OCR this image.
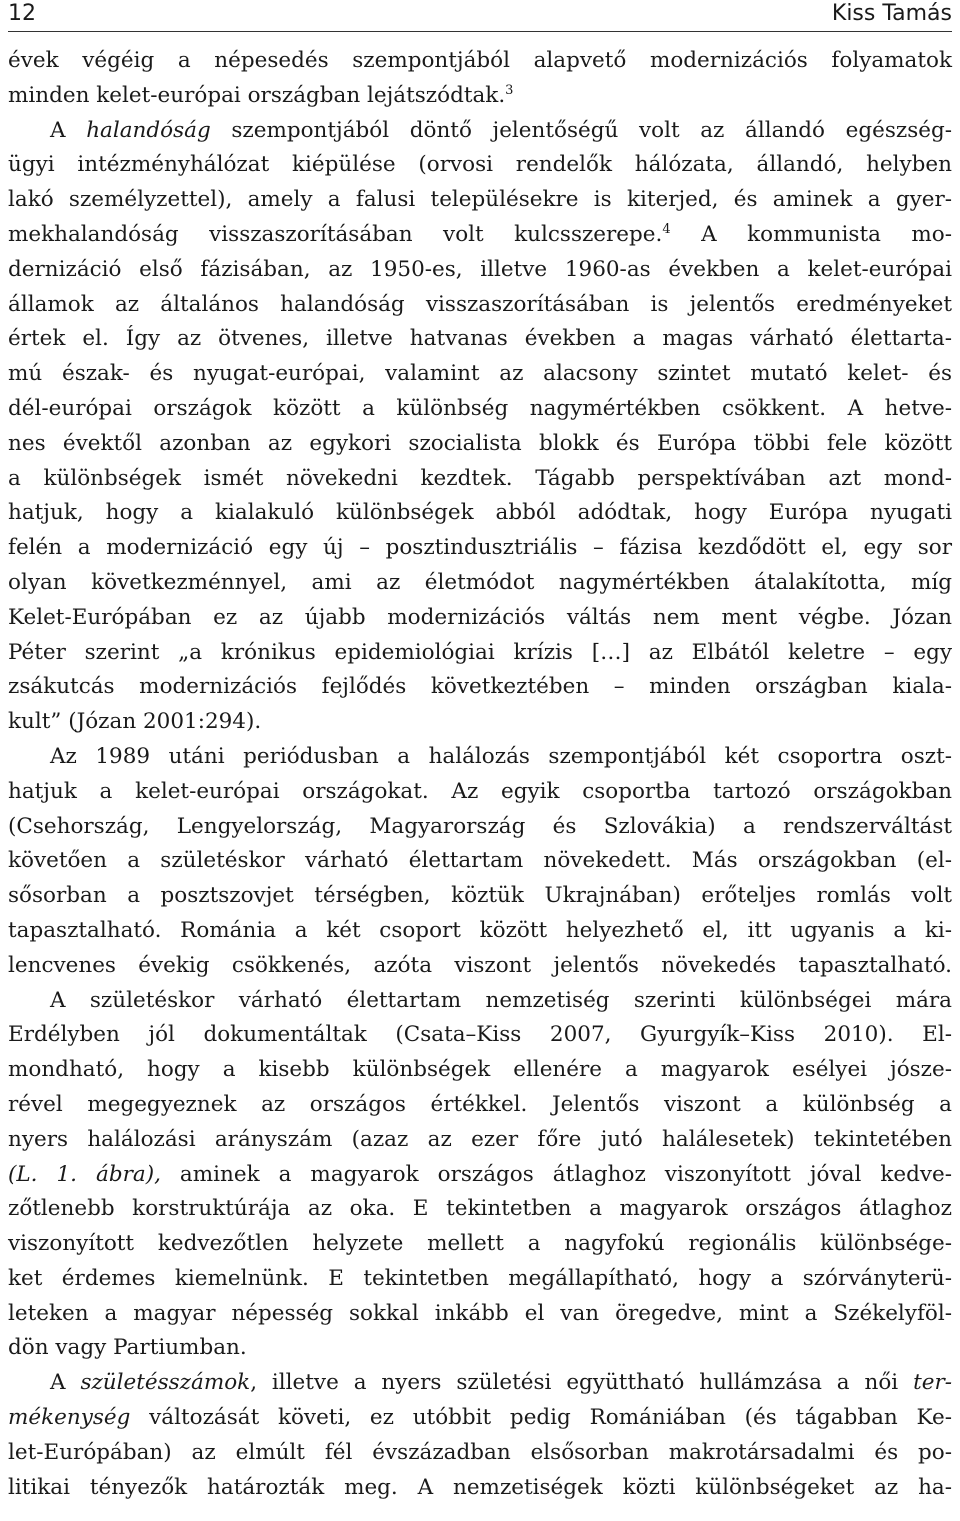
12	Kiss Tamás
évek végéig a népesedés szempontjából alapvető modernizációs folyamatok
minden kelet-európai országban lejátszódtak.$^3$
A halandóság szempontjából döntő jelentőségű volt az állandó egészség-
ügyi intézményhálózat kiépülése (orvosi rendelők hálózata, állandó, helyben
lakó személyzettel), amely a falusi településekre is kiterjed, és aminek a gyer-
mekhalandóság visszaszorításában volt kulcsszerepe.$^4$ A kommunista mo-
dernizáció első fázisában, az 1950-es, illetve 1960-as években a kelet-európai
államok az általános halandóság visszaszorításában is jelentős eredményeket
értek el. Így az ötvenes, illetve hatvanas években a magas várható élettarta-
mú észak- és nyugat-európai, valamint az alacsony szintet mutató kelet- és
dél-európai országok között a különbség nagymértékben csökkent. A hetve-
nes évektől azonban az egykori szocialista blokk és Európa többi fele között
a különbségek ismét növekedni kezdtek. Tágabb perspektívában azt mond-
hatjuk, hogy a kialakuló különbségek abból adódtak, hogy Európa nyugati
felén a modernizáció egy új – posztindusztriális – fázisa kezdődött el, egy sor
olyan következménnyel, ami az életmódot nagymértékben átalakította, míg
Kelet-Európában ez az újabb modernizációs váltás nem ment végbe. Józan
Péter szerint „a krónikus epidemiológiai krízis […] az Elbától keletre – egy
zsákutcás modernizációs fejlődés következtében – minden országban kiala-
kult” (Józan 2001:294).
Az 1989 utáni periódusban a halálozás szempontjából két csoportra oszt-
hatjuk a kelet-európai országokat. Az egyik csoportba tartozó országokban
(Csehország, Lengyelország, Magyarország és Szlovákia) a rendszerváltást
követően a születéskor várható élettartam növekedett. Más országokban (el-
sősorban a posztszovjet térségben, köztük Ukrajnában) erőteljes romlás volt
tapasztalható. Románia a két csoport között helyezhető el, itt ugyanis a ki-
lencvenes évekig csökkenés, azóta viszont jelentős növekedés tapasztalható.
A születéskor várható élettartam nemzetiség szerinti különbségei mára
Erdélyben jól dokumentáltak (Csata–Kiss 2007, Gyurgyík–Kiss 2010). El-
mondható, hogy a kisebb különbségek ellenére a magyarok esélyei jósze-
rével megegyeznek az országos értékkel. Jelentős viszont a különbség a
nyers halálozási arányszám (azaz az ezer főre jutó halálesetek) tekintetében
(L. 1. ábra), aminek a magyarok országos átlaghoz viszonyított jóval kedve-
zőtlenebb korstruktúrája az oka. E tekintetben a magyarok országos átlaghoz
viszonyított kedvezőtlen helyzete mellett a nagyfokú regionális különbsége-
ket érdemes kiemelnünk. E tekintetben megállapítható, hogy a szórványterü-
leteken a magyar népesség sokkal inkább el van öregedve, mint a Székelyföl-
dön vagy Partiumban.
A születésszámok, illetve a nyers születési együttható hullámzása a női ter-
mékenység változását követi, ez utóbbit pedig Romániában (és tágabban Ke-
let-Európában) az elmúlt fél évszázadban elsősorban makrotársadalmi és po-
litikai tényezők határozták meg. A nemzetiségek közti különbségeket az ha-
